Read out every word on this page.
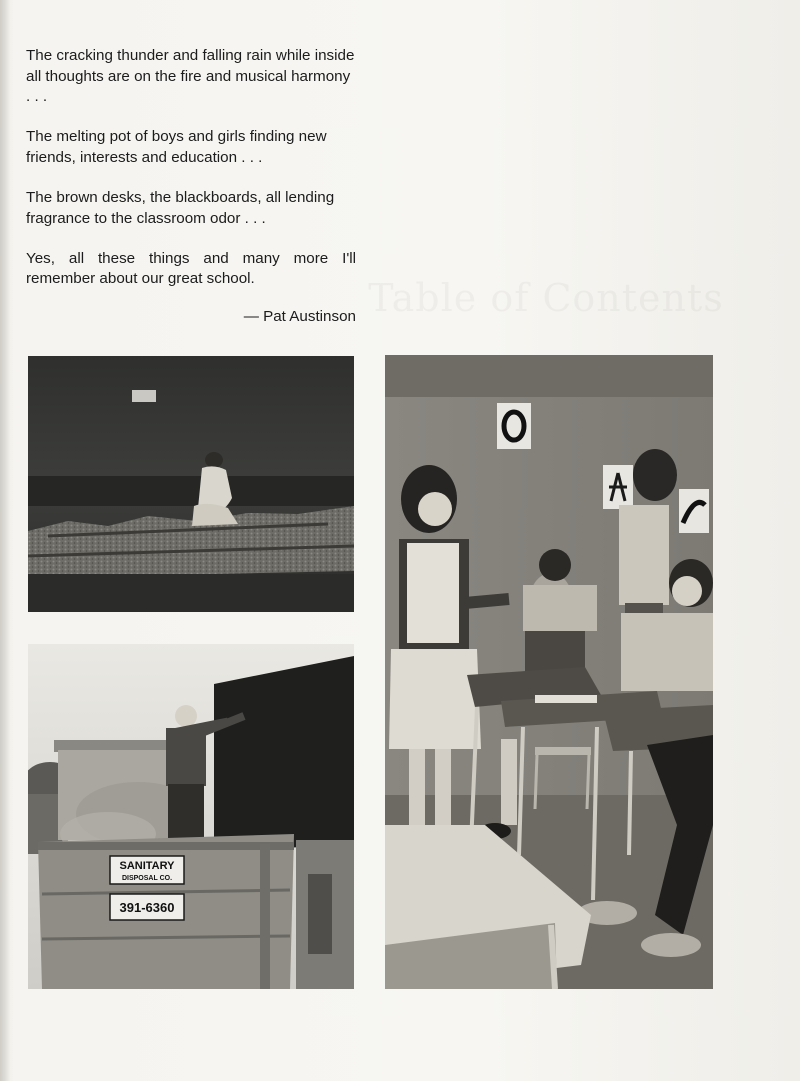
The cracking thunder and falling rain while inside all thoughts are on the fire and musical harmony . . .

The melting pot of boys and girls finding new friends, interests and education . . .

The brown desks, the blackboards, all lending fragrance to the classroom odor . . .

Yes, all these things and many more I'll remember about our great school.

— Pat Austinson

SANITARY
DISPOSAL CO.
391-6360
